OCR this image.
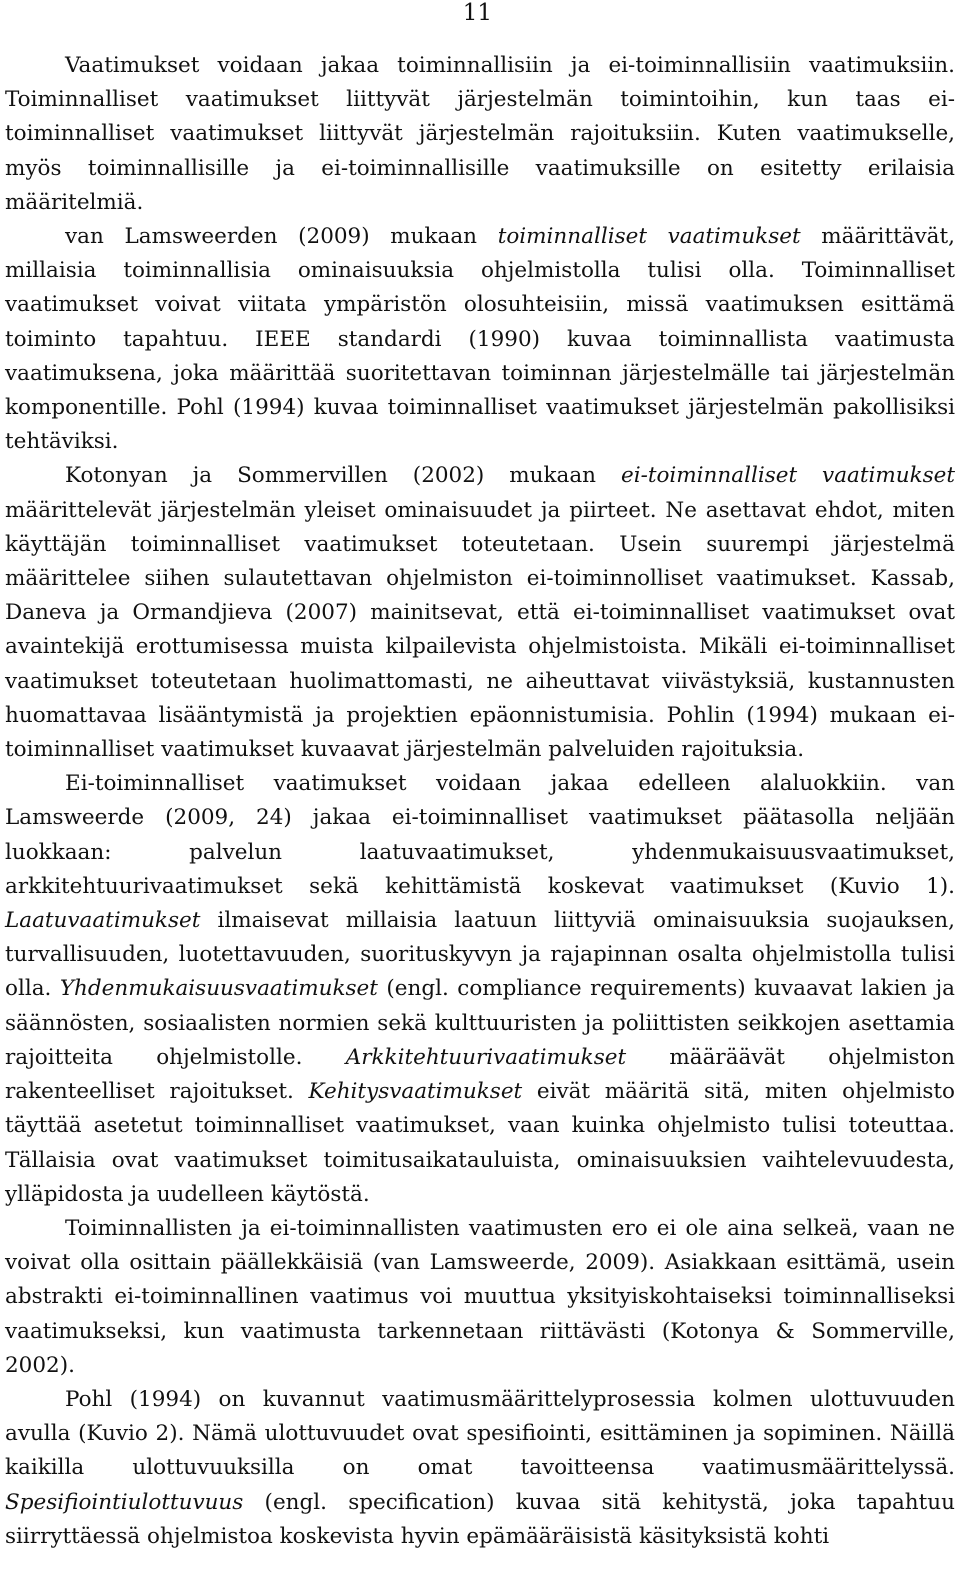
11

Vaatimukset voidaan jakaa toiminnallisiin ja ei-toiminnallisiin vaatimuksiin. Toiminnalliset vaatimukset liittyvät järjestelmän toimintoihin, kun taas ei-toiminnalliset vaatimukset liittyvät järjestelmän rajoituksiin. Kuten vaatimukselle, myös toiminnallisille ja ei-toiminnallisille vaatimuksille on esitetty erilaisia määritelmiä.

van Lamsweerden (2009) mukaan toiminnalliset vaatimukset määrittävät, millaisia toiminnallisia ominaisuuksia ohjelmistolla tulisi olla. Toiminnalliset vaatimukset voivat viitata ympäristön olosuhteisiin, missä vaatimuksen esittämä toiminto tapahtuu. IEEE standardi (1990) kuvaa toiminnallista vaatimusta vaatimuksena, joka määrittää suoritettavan toiminnan järjestelmälle tai järjestelmän komponentille. Pohl (1994) kuvaa toiminnalliset vaatimukset järjestelmän pakollisiksi tehtäviksi.

Kotonyan ja Sommervillen (2002) mukaan ei-toiminnalliset vaatimukset määrittelevät järjestelmän yleiset ominaisuudet ja piirteet. Ne asettavat ehdot, miten käyttäjän toiminnalliset vaatimukset toteutetaan. Usein suurempi järjestelmä määrittelee siihen sulautettavan ohjelmiston ei-toiminnolliset vaatimukset. Kassab, Daneva ja Ormandjieva (2007) mainitsevat, että ei-toiminnalliset vaatimukset ovat avaintekijä erottumisessa muista kilpailevista ohjelmistoista. Mikäli ei-toiminnalliset vaatimukset toteutetaan huolimattomasti, ne aiheuttavat viivästyksiä, kustannusten huomattavaa lisääntymistä ja projektien epäonnistumisia. Pohlin (1994) mukaan ei-toiminnalliset vaatimukset kuvaavat järjestelmän palveluiden rajoituksia.

Ei-toiminnalliset vaatimukset voidaan jakaa edelleen alaluokkiin. van Lamsweerde (2009, 24) jakaa ei-toiminnalliset vaatimukset päätasolla neljään luokkaan: palvelun laatuvaatimukset, yhdenmukaisuusvaatimukset, arkkitehtuurivaatimukset sekä kehittämistä koskevat vaatimukset (Kuvio 1). Laatuvaatimukset ilmaisevat millaisia laatuun liittyviä ominaisuuksia suojauksen, turvallisuuden, luotettavuuden, suorituskyvyn ja rajapinnan osalta ohjelmistolla tulisi olla. Yhdenmukaisuusvaatimukset (engl. compliance requirements) kuvaavat lakien ja säännösten, sosiaalisten normien sekä kulttuuristen ja poliittisten seikkojen asettamia rajoitteita ohjelmistolle. Arkkitehtuurivaatimukset määräävät ohjelmiston rakenteelliset rajoitukset. Kehitysvaatimukset eivät määritä sitä, miten ohjelmisto täyttää asetetut toiminnalliset vaatimukset, vaan kuinka ohjelmisto tulisi toteuttaa. Tällaisia ovat vaatimukset toimitusaikatauluista, ominaisuuksien vaihtelevuudesta, ylläpidosta ja uudelleen käytöstä.

Toiminnallisten ja ei-toiminnallisten vaatimusten ero ei ole aina selkeä, vaan ne voivat olla osittain päällekkäisiä (van Lamsweerde, 2009). Asiakkaan esittämä, usein abstrakti ei-toiminnallinen vaatimus voi muuttua yksityiskohtaiseksi toiminnalliseksi vaatimukseksi, kun vaatimusta tarkennetaan riittävästi (Kotonya & Sommerville, 2002).

Pohl (1994) on kuvannut vaatimusmäärittelyprosessia kolmen ulottuvuuden avulla (Kuvio 2). Nämä ulottuvuudet ovat spesifiointi, esittäminen ja sopiminen. Näillä kaikilla ulottuvuuksilla on omat tavoitteensa vaatimusmäärittelyssä. Spesifiointiulottuvuus (engl. specification) kuvaa sitä kehitystä, joka tapahtuu siirryttäessä ohjelmistoa koskevista hyvin epämääräisistä käsityksistä kohti
